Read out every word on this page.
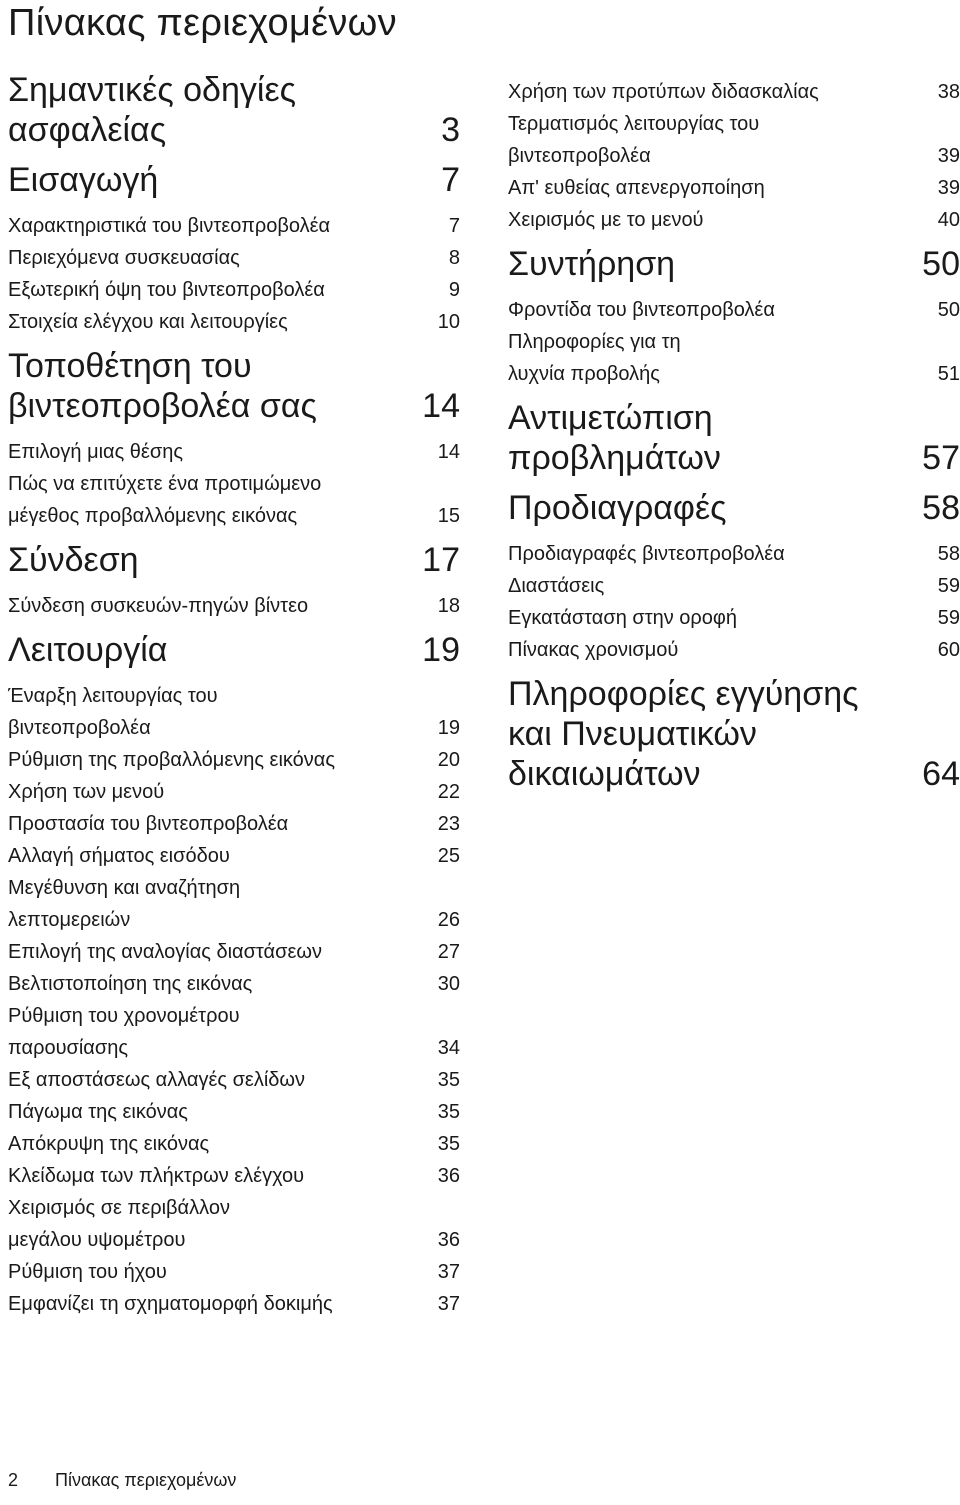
Πίνακας περιεχομένων
Σημαντικές οδηγίες
ασφαλείας	3
Εισαγωγή	7
Χαρακτηριστικά του βιντεοπροβολέα	7
Περιεχόμενα συσκευασίας	8
Εξωτερική όψη του βιντεοπροβολέα	9
Στοιχεία ελέγχου και λειτουργίες	10
Τοποθέτηση του
βιντεοπροβολέα σας	14
Επιλογή μιας θέσης	14
Πώς να επιτύχετε ένα προτιμώμενο
μέγεθος προβαλλόμενης εικόνας	15
Σύνδεση	17
Σύνδεση συσκευών-πηγών βίντεο	18
Λειτουργία	19
Έναρξη λειτουργίας του
βιντεοπροβολέα	19
Ρύθμιση της προβαλλόμενης εικόνας	20
Χρήση των μενού	22
Προστασία του βιντεοπροβολέα	23
Αλλαγή σήματος εισόδου	25
Μεγέθυνση και αναζήτηση
λεπτομερειών	26
Επιλογή της αναλογίας διαστάσεων	27
Βελτιστοποίηση της εικόνας	30
Ρύθμιση του χρονομέτρου
παρουσίασης	34
Εξ αποστάσεως αλλαγές σελίδων	35
Πάγωμα της εικόνας	35
Απόκρυψη της εικόνας	35
Κλείδωμα των πλήκτρων ελέγχου	36
Χειρισμός σε περιβάλλον
μεγάλου υψομέτρου	36
Ρύθμιση του ήχου	37
Εμφανίζει τη σχηματομορφή δοκιμής	37
Χρήση των προτύπων διδασκαλίας	38
Τερματισμός λειτουργίας του
βιντεοπροβολέα	39
Απ' ευθείας απενεργοποίηση	39
Χειρισμός με το μενού	40
Συντήρηση	50
Φροντίδα του βιντεοπροβολέα	50
Πληροφορίες για τη
λυχνία προβολής	51
Αντιμετώπιση
προβλημάτων	57
Προδιαγραφές	58
Προδιαγραφές βιντεοπροβολέα	58
Διαστάσεις	59
Εγκατάσταση στην οροφή	59
Πίνακας χρονισμού	60
Πληροφορίες εγγύησης
και Πνευματικών
δικαιωμάτων	64
2 Πίνακας περιεχομένων
